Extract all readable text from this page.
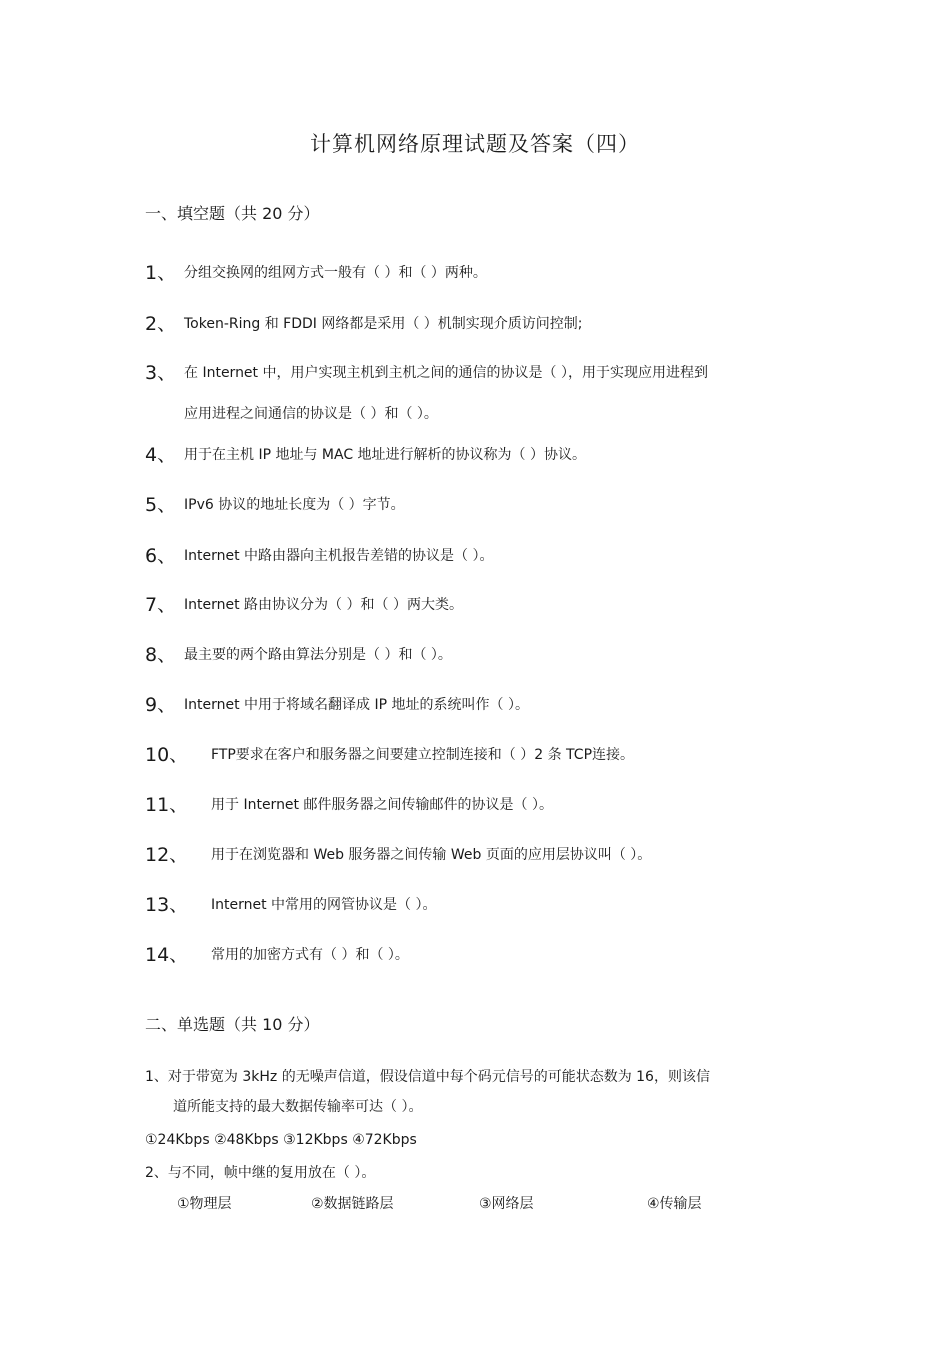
计算机网络原理试题及答案（四）
一、填空题（共 20 分）
1、 分组交换网的组网方式一般有（ ）和（ ）两种。
2、 Token-Ring 和 FDDI 网络都是采用（ ）机制实现介质访问控制;
3、 在 Internet 中，用户实现主机到主机之间的通信的协议是（ ），用于实现应用进程到
应用进程之间通信的协议是（ ）和（ ）。
4、 用于在主机 IP 地址与 MAC 地址进行解析的协议称为（ ）协议。
5、 IPv6 协议的地址长度为（ ）字节。
6、 Internet 中路由器向主机报告差错的协议是（ ）。
7、 Internet 路由协议分为（ ）和（ ）两大类。
8、 最主要的两个路由算法分别是（ ）和（ ）。
9、 Internet 中用于将域名翻译成 IP 地址的系统叫作（ ）。
10、 FTP要求在客户和服务器之间要建立控制连接和（ ）2 条 TCP连接。
11、 用于 Internet 邮件服务器之间传输邮件的协议是（ ）。
12、 用于在浏览器和 Web 服务器之间传输 Web 页面的应用层协议叫（ ）。
13、 Internet 中常用的网管协议是（ ）。
14、 常用的加密方式有（ ）和（ ）。
二、单选题（共 10 分）
1、对于带宽为 3kHz 的无噪声信道，假设信道中每个码元信号的可能状态数为 16，则该信
道所能支持的最大数据传输率可达（ ）。
①24Kbps ②48Kbps ③12Kbps ④72Kbps
2、与不同，帧中继的复用放在（ ）。
①物理层	②数据链路层	③网络层	④传输层
